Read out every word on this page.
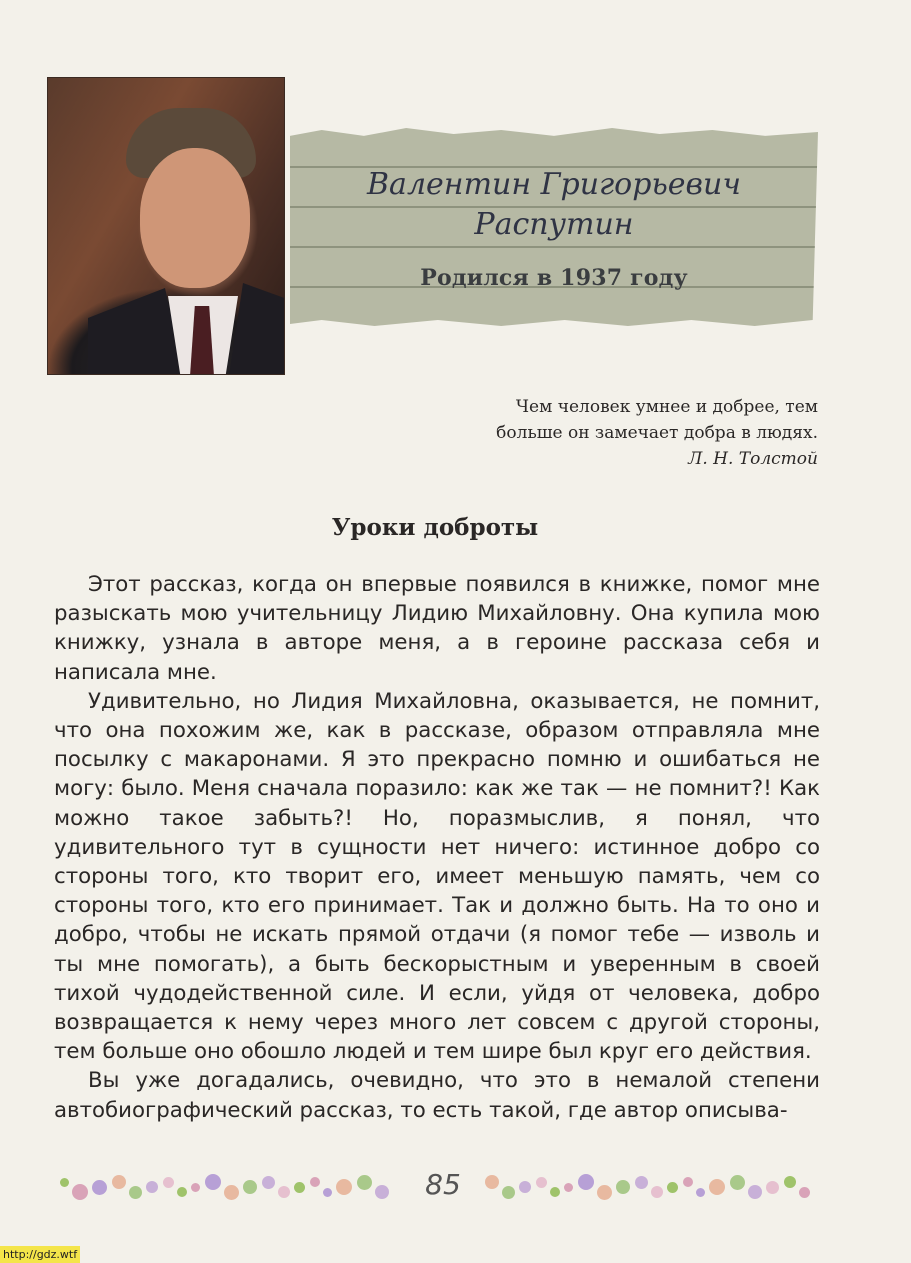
Валентин Григорьевич
Распутин
Родился в 1937 году
Чем человек умнее и добрее, тем
больше он замечает добра в людях.
Л. Н. Толстой
Уроки доброты

Этот рассказ, когда он впервые появился в книжке, помог мне разыскать мою учительницу Лидию Михайловну. Она купила мою книжку, узнала в авторе меня, а в героине рассказа себя и написала мне.

Удивительно, но Лидия Михайловна, оказывается, не помнит, что она похожим же, как в рассказе, образом отправляла мне посылку с макаронами. Я это прекрасно помню и ошибаться не могу: было. Меня сначала поразило: как же так — не помнит?! Как можно такое забыть?! Но, поразмыслив, я понял, что удивительного тут в сущности нет ничего: истинное добро со стороны того, кто творит его, имеет меньшую память, чем со стороны того, кто его принимает. Так и должно быть. На то оно и добро, чтобы не искать прямой отдачи (я помог тебе — изволь и ты мне помогать), а быть бескорыстным и уверенным в своей тихой чудодейственной силе. И если, уйдя от человека, добро возвращается к нему через много лет совсем с другой стороны, тем больше оно обошло людей и тем шире был круг его действия.

Вы уже догадались, очевидно, что это в немалой степени автобиографический рассказ, то есть такой, где автор описыва-

85
http://gdz.wtf
